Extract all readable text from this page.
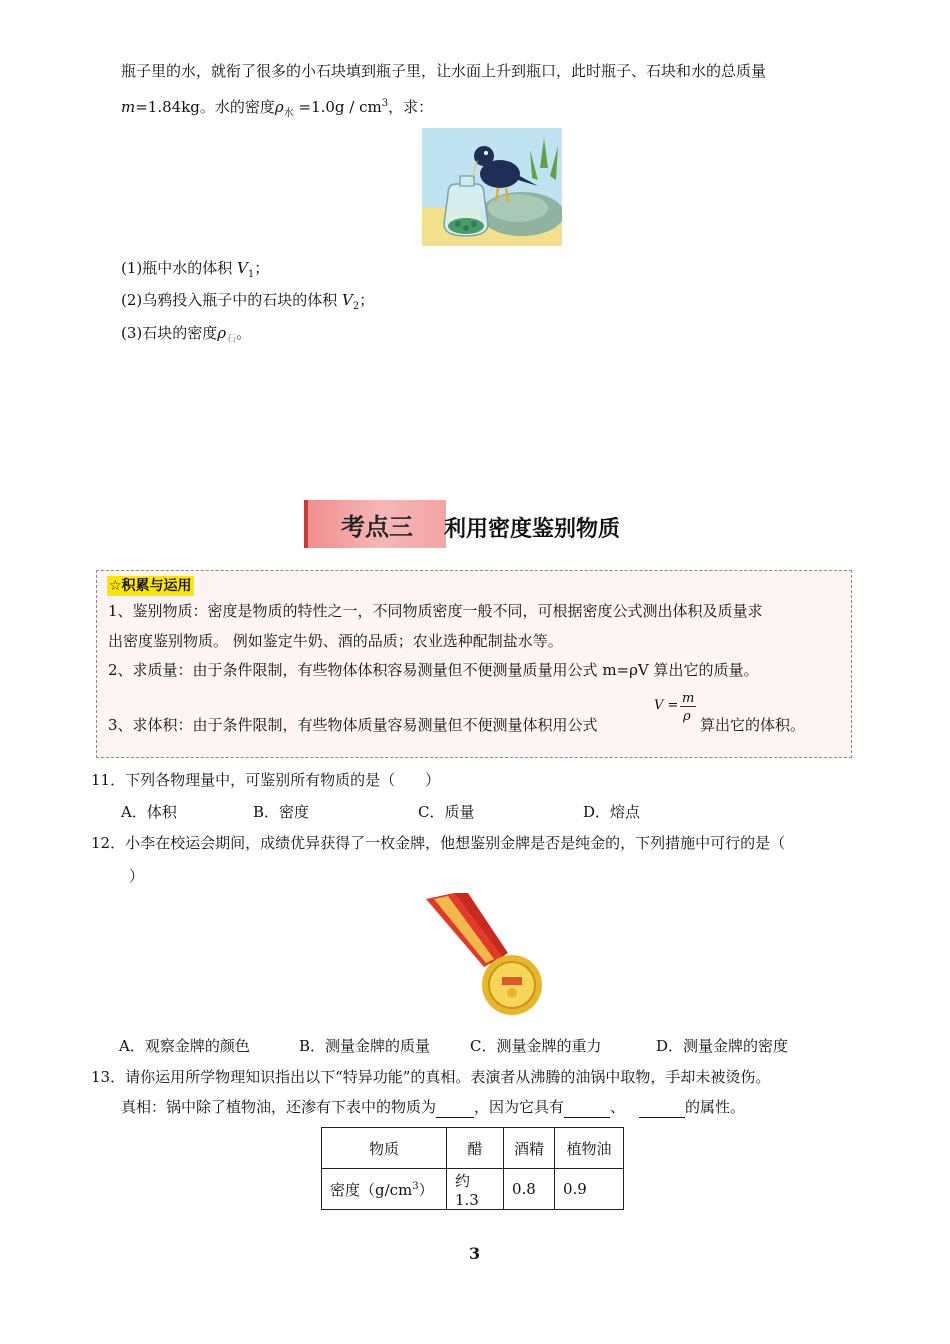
瓶子里的水，就衔了很多的小石块填到瓶子里，让水面上升到瓶口，此时瓶子、石块和水的总质量
m=1.84kg。水的密度$\rho_水 =1.0g / cm^3$，求：
(1)瓶中水的体积 $V_1$；
(2)乌鸦投入瓶子中的石块的体积 $V_2$；
(3)石块的密度$\rho_石$。
考点三	利用密度鉴别物质
☆积累与运用
1、鉴别物质：密度是物质的特性之一，不同物质密度一般不同，可根据密度公式测出体积及质量求
出密度鉴别物质。 例如鉴定牛奶、酒的品质；农业选种配制盐水等。
2、求质量：由于条件限制，有些物体体积容易测量但不便测量质量用公式 m=ρV 算出它的质量。
3、求体积：由于条件限制，有些物体质量容易测量但不便测量体积用公式
V = m
ρ 算出它的体积。
11．下列各物理量中，可鉴别所有物质的是（　　）
A．体积	B．密度	C．质量	D．熔点
12．小李在校运会期间，成绩优异获得了一枚金牌，他想鉴别金牌是否是纯金的，下列措施中可行的是（
）
A．观察金牌的颜色	B．测量金牌的质量	C．测量金牌的重力	D．测量金牌的密度
13．请你运用所学物理知识指出以下“特异功能”的真相。表演者从沸腾的油锅中取物，手却未被烫伤。
真相：锅中除了植物油，还渗有下表中的物质为	，因为它具有	、	的属性。
物质	醋	酒精	植物油
密度$(g/cm^3)$	约 1.3	0.8	0.9
3
